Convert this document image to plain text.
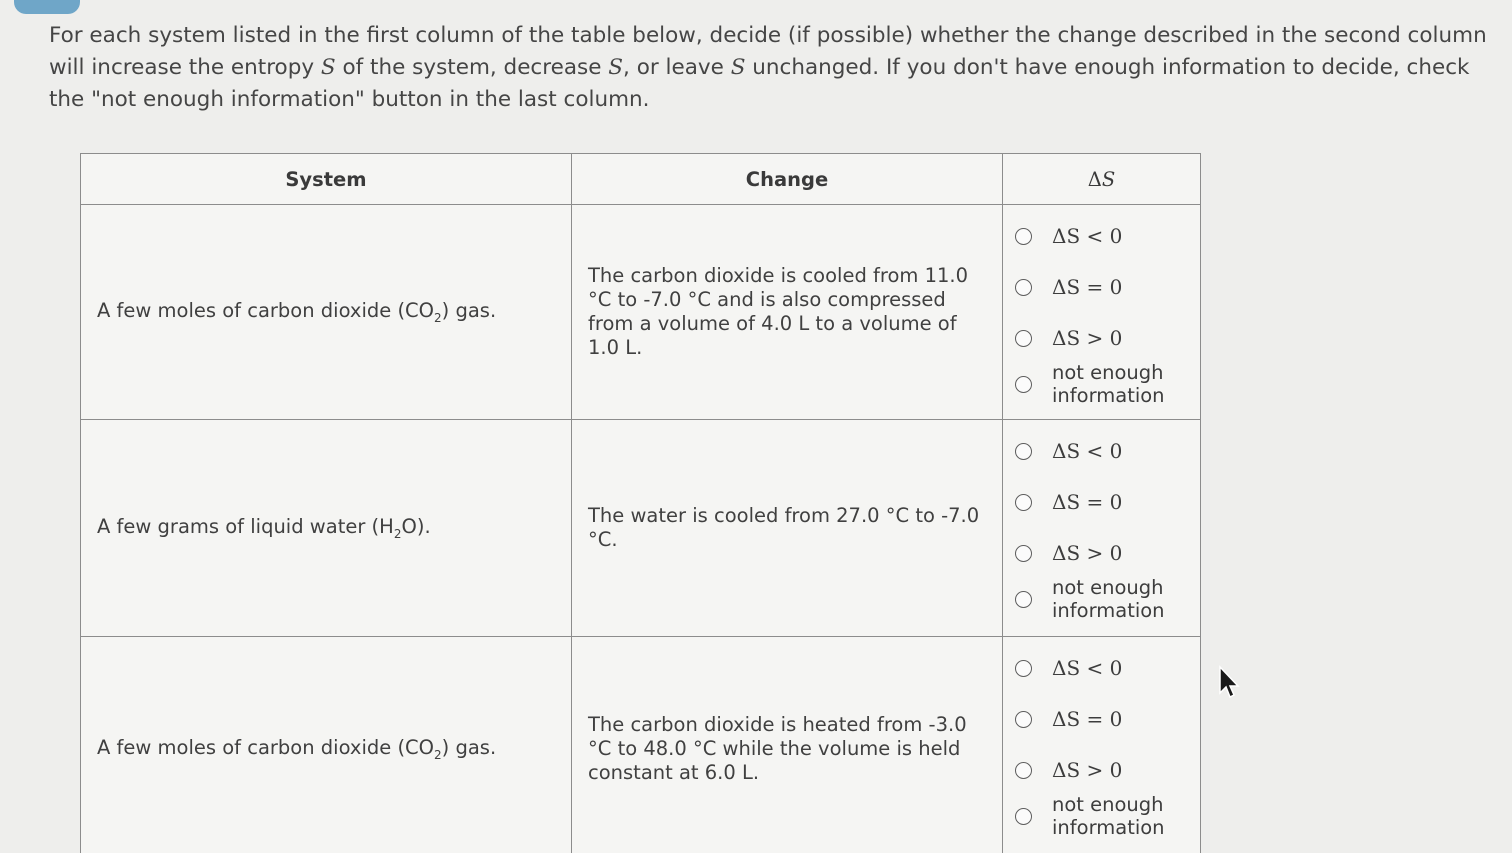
For each system listed in the first column of the table below, decide (if possible) whether the change described in the second column will increase the entropy S of the system, decrease S, or leave S unchanged. If you don't have enough information to decide, check the "not enough information" button in the last column.

System	Change	ΔS
A few moles of carbon dioxide $(CO_2)$ gas.	The carbon dioxide is cooled from 11.0 °C to -7.0 °C and is also compressed from a volume of 4.0 L to a volume of 1.0 L.	ΔS < 0
ΔS = 0
ΔS > 0
not enough information

A few grams of liquid water $(H_2O)$.	The water is cooled from 27.0 °C to -7.0 °C.	ΔS < 0
ΔS = 0
ΔS > 0
not enough information

A few moles of carbon dioxide $(CO_2)$ gas.	The carbon dioxide is heated from -3.0 °C to 48.0 °C while the volume is held constant at 6.0 L.	ΔS < 0
ΔS = 0
ΔS > 0
not enough information
